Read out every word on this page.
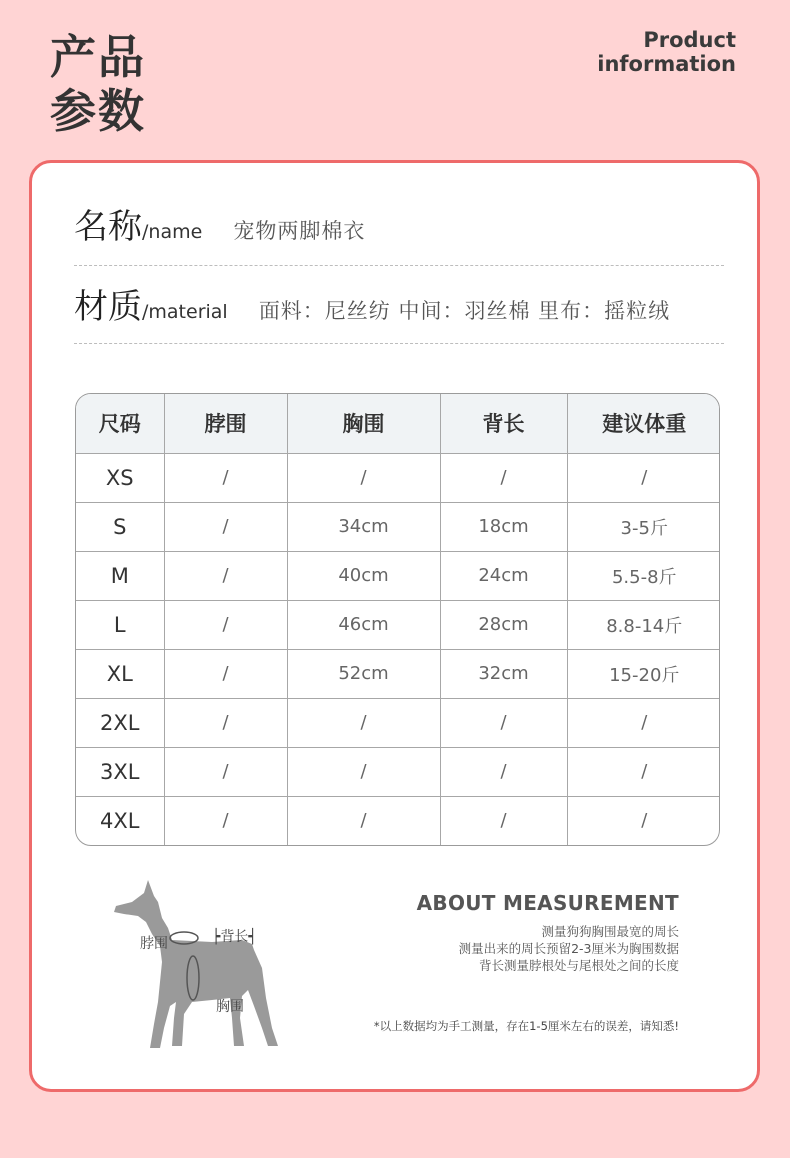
产品
参数
Product
information
名称/name 宠物两脚棉衣
材质/material 面料：尼丝纺 中间：羽丝棉 里布：摇粒绒
尺码	脖围	胸围	背长	建议体重
XS	/	/	/	/
S	/	34cm	18cm	3-5斤
M	/	40cm	24cm	5.5-8斤
L	/	46cm	28cm	8.8-14斤
XL	/	52cm	32cm	15-20斤
2XL	/	/	/	/
3XL	/	/	/	/
4XL	/	/	/	/
脖围	┝背长┥
胸围
ABOUT MEASUREMENT
测量狗狗胸围最宽的周长
测量出来的周长预留2-3厘米为胸围数据
背长测量脖根处与尾根处之间的长度
*以上数据均为手工测量，存在1-5厘米左右的误差，请知悉!
